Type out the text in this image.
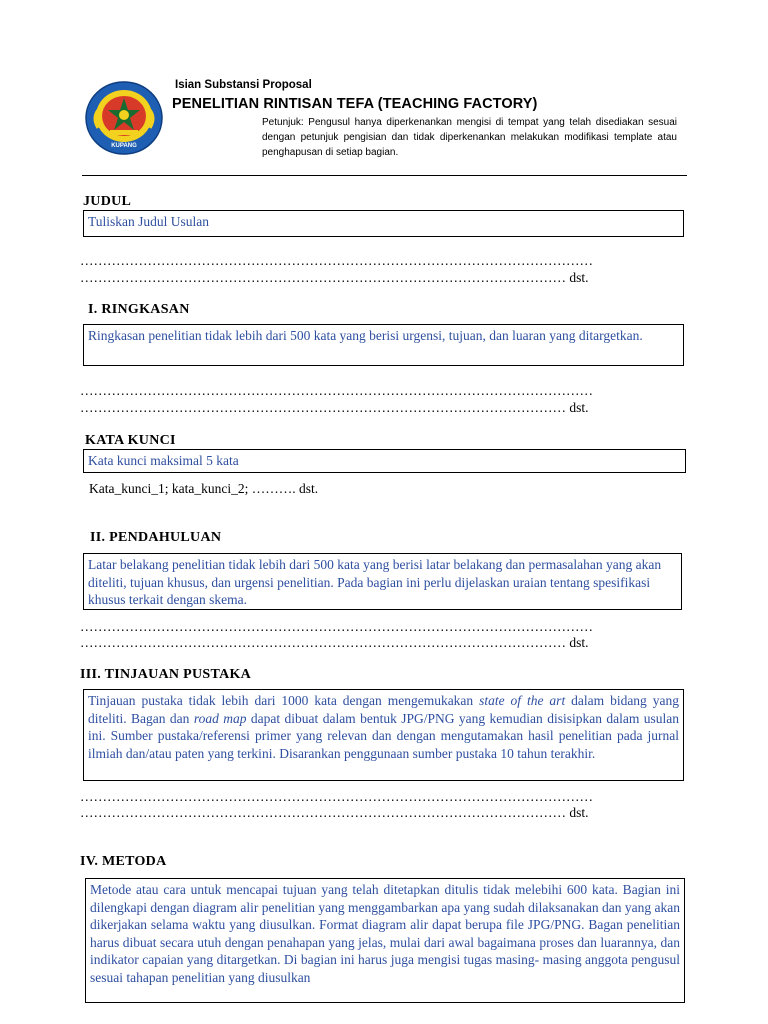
KUPANG
Isian Substansi Proposal
PENELITIAN RINTISAN TEFA (TEACHING FACTORY)
Petunjuk: Pengusul hanya diperkenankan mengisi di tempat yang telah disediakan sesuai dengan petunjuk pengisian dan tidak diperkenankan melakukan modifikasi template atau penghapusan di setiap bagian.
JUDUL
Tuliskan Judul Usulan
……………………………………………………………………………………………………
……………………………………………………………………………………………… dst.
I. RINGKASAN
Ringkasan penelitian tidak lebih dari 500 kata yang berisi urgensi, tujuan, dan luaran yang ditargetkan.
……………………………………………………………………………………………………
……………………………………………………………………………………………… dst.
KATA KUNCI
Kata kunci maksimal 5 kata
Kata_kunci_1; kata_kunci_2; ………. dst.
II. PENDAHULUAN
Latar belakang penelitian tidak lebih dari 500 kata yang berisi latar belakang dan permasalahan yang akan diteliti, tujuan khusus, dan urgensi penelitian. Pada bagian ini perlu dijelaskan uraian tentang spesifikasi khusus terkait dengan skema.
……………………………………………………………………………………………………
……………………………………………………………………………………………… dst.
III. TINJAUAN PUSTAKA
Tinjauan pustaka tidak lebih dari 1000 kata dengan mengemukakan state of the art dalam bidang yang diteliti. Bagan dan road map dapat dibuat dalam bentuk JPG/PNG yang kemudian disisipkan dalam usulan ini. Sumber pustaka/referensi primer yang relevan dan dengan mengutamakan hasil penelitian pada jurnal ilmiah dan/atau paten yang terkini. Disarankan penggunaan sumber pustaka 10 tahun terakhir.
……………………………………………………………………………………………………
……………………………………………………………………………………………… dst.
IV. METODA
Metode atau cara untuk mencapai tujuan yang telah ditetapkan ditulis tidak melebihi 600 kata. Bagian ini dilengkapi dengan diagram alir penelitian yang menggambarkan apa yang sudah dilaksanakan dan yang akan dikerjakan selama waktu yang diusulkan. Format diagram alir dapat berupa file JPG/PNG. Bagan penelitian harus dibuat secara utuh dengan penahapan yang jelas, mulai dari awal bagaimana proses dan luarannya, dan indikator capaian yang ditargetkan. Di bagian ini harus juga mengisi tugas masing- masing anggota pengusul sesuai tahapan penelitian yang diusulkan
